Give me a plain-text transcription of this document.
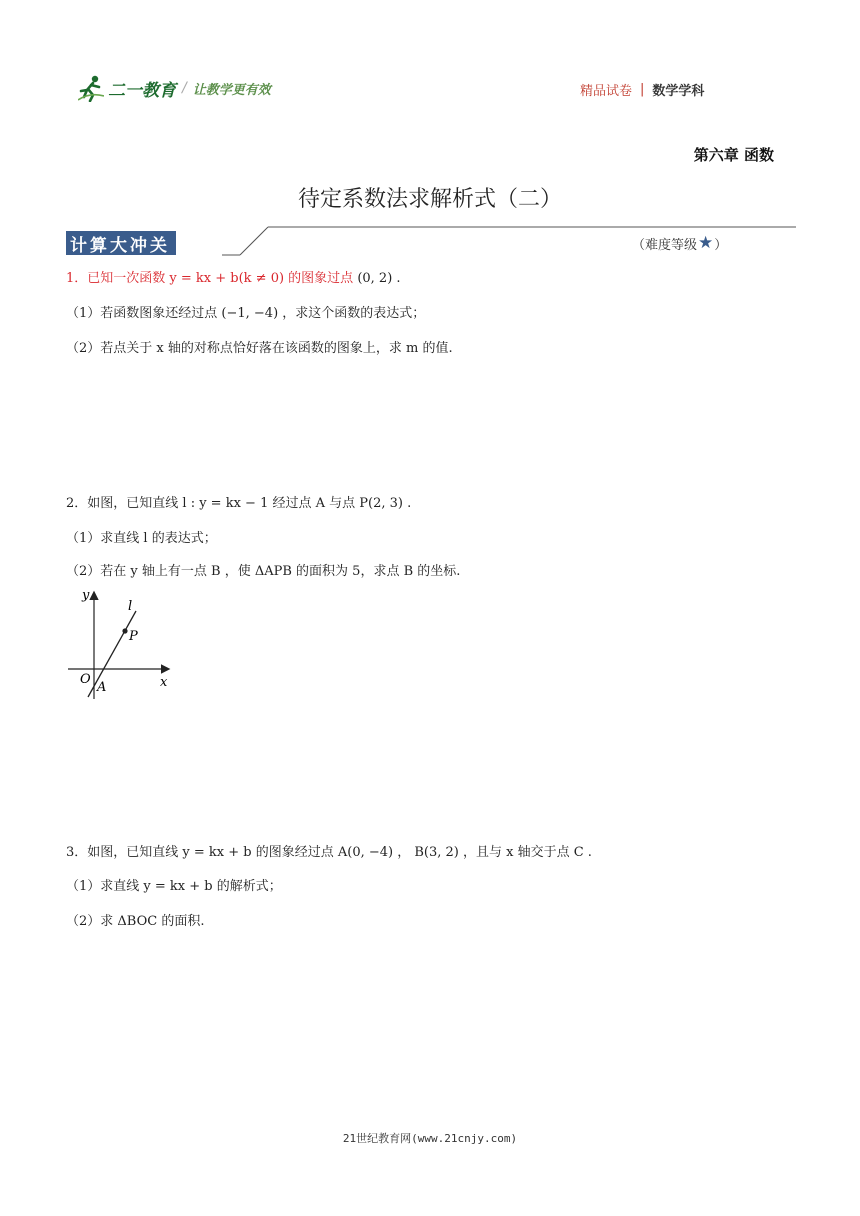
二一教育 / 让教学更有效	精品试卷 | 数学学科
第六章 函数
待定系数法求解析式（二）
计算大冲关	（难度等级 ★ ）
1．已知一次函数 y = kx + b(k ≠ 0) 的图象过点 (0, 2) .
（1）若函数图象还经过点 (−1, −4) ，求这个函数的表达式；
（2）若点关于 x 轴的对称点恰好落在该函数的图象上，求 m 的值.
2．如图，已知直线 l : y = kx − 1 经过点 A 与点 P(2, 3) .
（1）求直线 l 的表达式；
（2）若在 y 轴上有一点 B ，使 ΔAPB 的面积为 5，求点 B 的坐标.
y
x
O
A
P
l
3．如图，已知直线 y = kx + b 的图象经过点 A(0, −4) ， B(3, 2) ，且与 x 轴交于点 C .
（1）求直线 y = kx + b 的解析式；
（2）求 ΔBOC 的面积.
21世纪教育网(www.21cnjy.com)
